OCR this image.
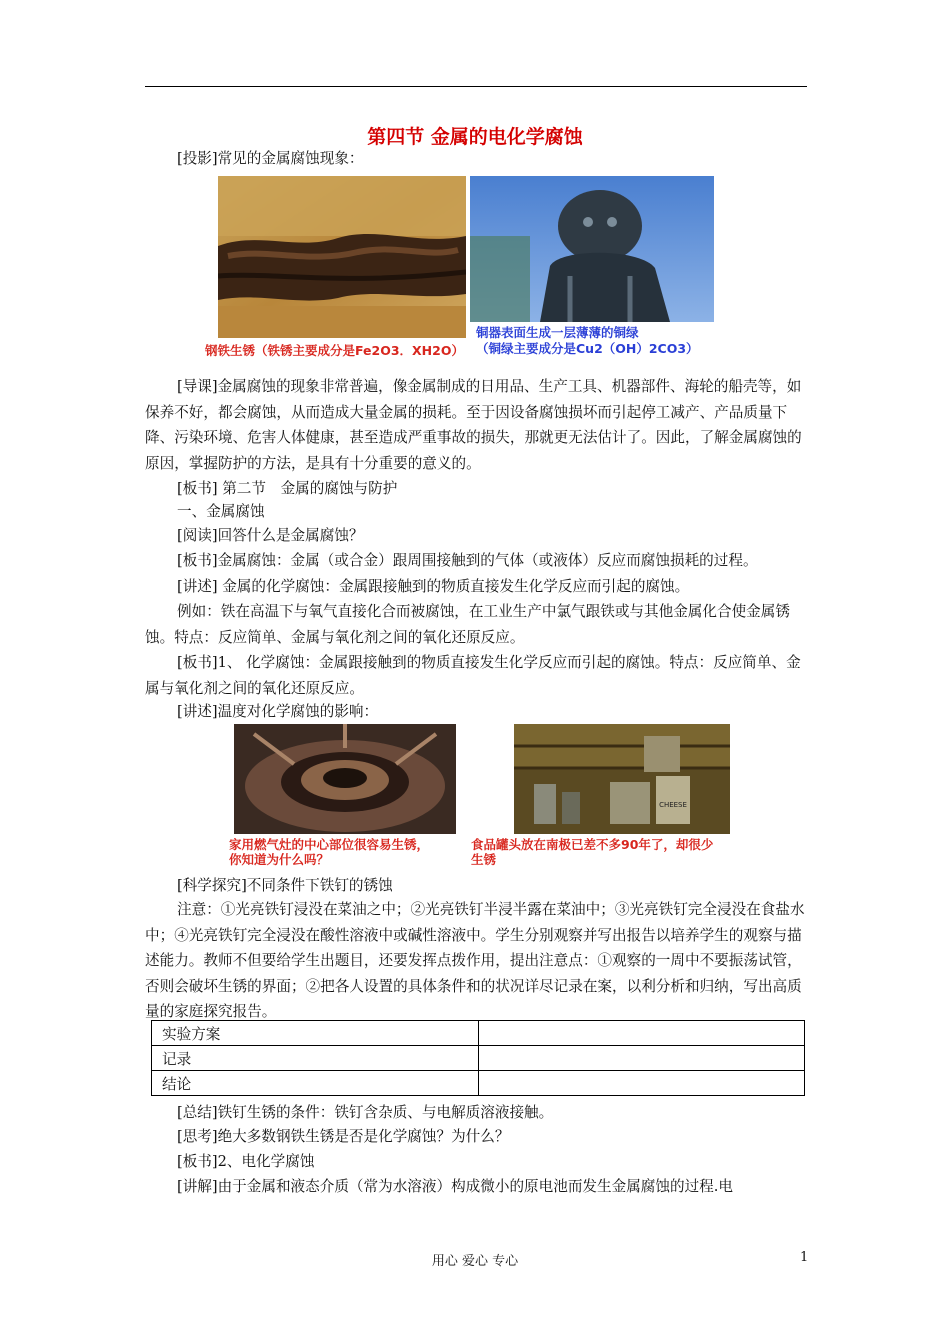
第四节 金属的电化学腐蚀

[投影]常见的金属腐蚀现象：

钢铁生锈（铁锈主要成分是Fe2O3．XH2O）
铜器表面生成一层薄薄的铜绿
（铜绿主要成分是Cu2（OH）2CO3）

[导课]金属腐蚀的现象非常普遍，像金属制成的日用品、生产工具、机器部件、海轮的船壳等，如保养不好，都会腐蚀，从而造成大量金属的损耗。至于因设备腐蚀损坏而引起停工减产、产品质量下降、污染环境、危害人体健康，甚至造成严重事故的损失，那就更无法估计了。因此，了解金属腐蚀的原因，掌握防护的方法，是具有十分重要的意义的。

[板书] 第二节　金属的腐蚀与防护

一、金属腐蚀

[阅读]回答什么是金属腐蚀？

[板书]金属腐蚀：金属（或合金）跟周围接触到的气体（或液体）反应而腐蚀损耗的过程。

[讲述] 金属的化学腐蚀：金属跟接触到的物质直接发生化学反应而引起的腐蚀。

例如：铁在高温下与氧气直接化合而被腐蚀，在工业生产中氯气跟铁或与其他金属化合使金属锈蚀。特点：反应简单、金属与氧化剂之间的氧化还原反应。

[板书]1、 化学腐蚀：金属跟接触到的物质直接发生化学反应而引起的腐蚀。特点：反应简单、金属与氧化剂之间的氧化还原反应。

[讲述]温度对化学腐蚀的影响：

CHEESE
家用燃气灶的中心部位很容易生锈，
你知道为什么吗？
食品罐头放在南极已差不多90年了，却很少
生锈

[科学探究]不同条件下铁钉的锈蚀

注意：①光亮铁钉浸没在菜油之中；②光亮铁钉半浸半露在菜油中；③光亮铁钉完全浸没在食盐水中；④光亮铁钉完全浸没在酸性溶液中或碱性溶液中。学生分别观察并写出报告以培养学生的观察与描述能力。教师不但要给学生出题目，还要发挥点拨作用，提出注意点：①观察的一周中不要振荡试管，否则会破坏生锈的界面；②把各人设置的具体条件和的状况详尽记录在案，以利分析和归纳，写出高质量的家庭探究报告。

实验方案	
记录	
结论	

[总结]铁钉生锈的条件：铁钉含杂质、与电解质溶液接触。

[思考]绝大多数钢铁生锈是否是化学腐蚀？为什么？

[板书]2、电化学腐蚀

[讲解]由于金属和液态介质（常为水溶液）构成微小的原电池而发生金属腐蚀的过程.电

用心 爱心 专心	1
